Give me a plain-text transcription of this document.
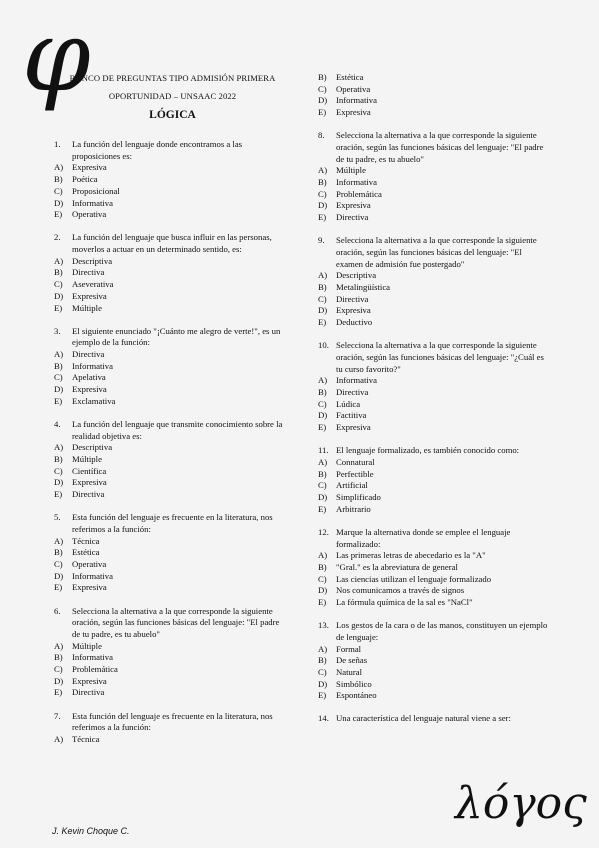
φ
BANCO DE PREGUNTAS TIPO ADMISIÓN PRIMERA
OPORTUNIDAD – UNSAAC 2022
LÓGICA
1.	La función del lenguaje donde encontramos a las proposiciones es:
A)	Expresiva
B)	Poética
C)	Proposicional
D)	Informativa
E)	Operativa
2.	La función del lenguaje que busca influir en las personas, moverlos a actuar en un determinado sentido, es:
A)	Descriptiva
B)	Directiva
C)	Aseverativa
D)	Expresiva
E)	Múltiple
3.	El siguiente enunciado "¡Cuánto me alegro de verte!", es un ejemplo de la función:
A)	Directiva
B)	Informativa
C)	Apelativa
D)	Expresiva
E)	Exclamativa
4.	La función del lenguaje que transmite conocimiento sobre la realidad objetiva es:
A)	Descriptiva
B)	Múltiple
C)	Científica
D)	Expresiva
E)	Directiva
5.	Esta función del lenguaje es frecuente en la literatura, nos referimos a la función:
A)	Técnica
B)	Estética
C)	Operativa
D)	Informativa
E)	Expresiva
6.	Selecciona la alternativa a la que corresponde la siguiente oración, según las funciones básicas del lenguaje: "El padre de tu padre, es tu abuelo"
A)	Múltiple
B)	Informativa
C)	Problemática
D)	Expresiva
E)	Directiva
7.	Esta función del lenguaje es frecuente en la literatura, nos referimos a la función:
A)	Técnica
B)	Estética
C)	Operativa
D)	Informativa
E)	Expresiva
8.	Selecciona la alternativa a la que corresponde la siguiente oración, según las funciones básicas del lenguaje: "El padre de tu padre, es tu abuelo"
A)	Múltiple
B)	Informativa
C)	Problemática
D)	Expresiva
E)	Directiva
9.	Selecciona la alternativa a la que corresponde la siguiente oración, según las funciones básicas del lenguaje: "El examen de admisión fue postergado"
A)	Descriptiva
B)	Metalingüística
C)	Directiva
D)	Expresiva
E)	Deductivo
10. Selecciona la alternativa a la que corresponde la siguiente oración, según las funciones básicas del lenguaje: "¿Cuál es tu curso favorito?"
A)	Informativa
B)	Directiva
C)	Lúdica
D)	Factitiva
E)	Expresiva
11. El lenguaje formalizado, es también conocido como:
A)	Connatural
B)	Perfectible
C)	Artificial
D)	Simplificado
E)	Arbitrario
12. Marque la alternativa donde se emplee el lenguaje formalizado:
A)	Las primeras letras de abecedario es la "A"
B)	"Gral." es la abreviatura de general
C)	Las ciencias utilizan el lenguaje formalizado
D)	Nos comunicamos a través de signos
E)	La fórmula química de la sal es "NaCl"
13. Los gestos de la cara o de las manos, constituyen un ejemplo de lenguaje:
A)	Formal
B)	De señas
C)	Natural
D)	Simbólico
E)	Espontáneo
14. Una característica del lenguaje natural viene a ser:
J. Kevin Choque C.
λόγος
